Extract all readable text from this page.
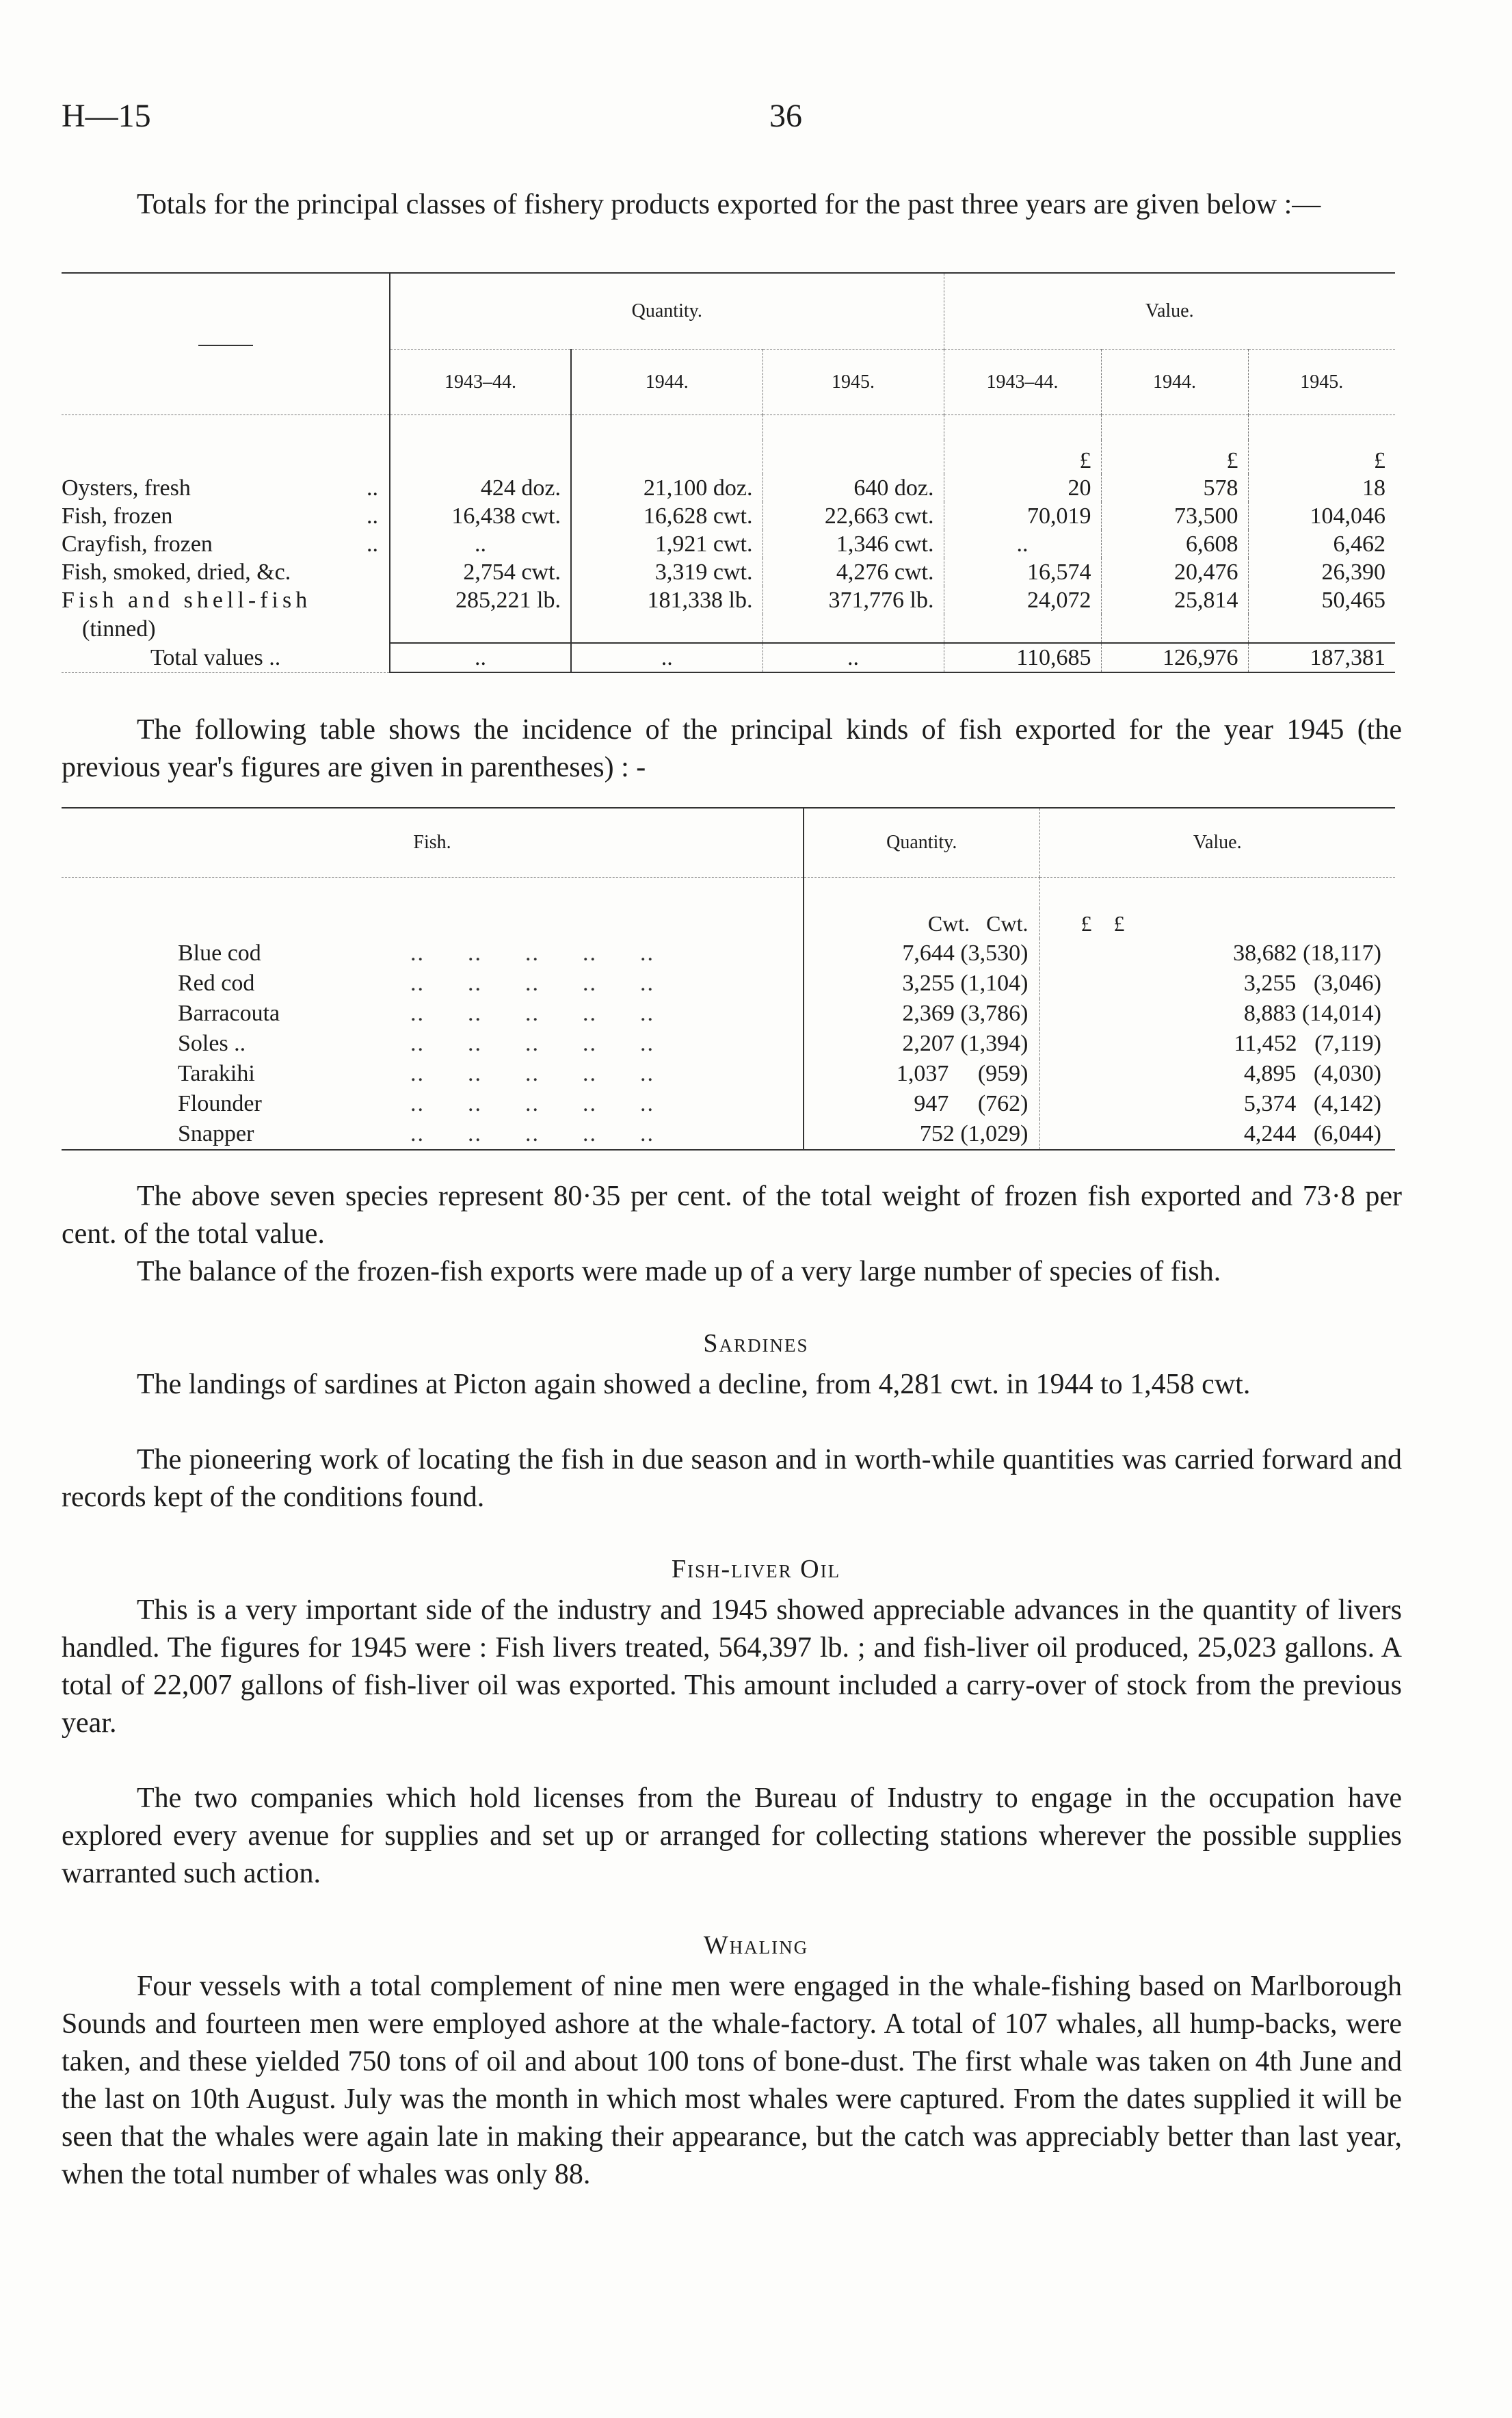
H—15	36

Totals for the principal classes of fishery products exported for the past three years are given below :—

	Quantity.			Value.		
	1943–44.	1944.	1945.	1943–44.	1944.	1945.

				£	£	£
Oysters, fresh ..	424 doz.	21,100 doz.	640 doz.	20	578	18
Fish, frozen ..	16,438 cwt.	16,628 cwt.	22,663 cwt.	70,019	73,500	104,046
Crayfish, frozen ..	..	1,921 cwt.	1,346 cwt.	..	6,608	6,462
Fish, smoked, dried, &c.	2,754 cwt.	3,319 cwt.	4,276 cwt.	16,574	20,476	26,390
Fish and shell-fish	285,221 lb.	181,338 lb.	371,776 lb.	24,072	25,814	50,465
(tinned)						
Total values ..	..	..	..	110,685	126,976	187,381

The following table shows the incidence of the principal kinds of fish exported for the year 1945 (the previous year's figures are given in parentheses) : -

Fish.	Quantity.	Value.

	Cwt.   Cwt.	£    £
Blue cod ..      ..      ..      ..      ..	7,644 (3,530)	38,682 (18,117)
Red cod ..      ..      ..      ..      ..	3,255 (1,104)	3,255   (3,046)
Barracouta ..      ..      ..      ..      ..	2,369 (3,786)	8,883 (14,014)
Soles .. ..      ..      ..      ..      ..	2,207 (1,394)	11,452   (7,119)
Tarakihi ..      ..      ..      ..      ..	1,037     (959)	4,895   (4,030)
Flounder ..      ..      ..      ..      ..	947     (762)	5,374   (4,142)
Snapper ..      ..      ..      ..      ..	752 (1,029)	4,244   (6,044)

The above seven species represent 80·35 per cent. of the total weight of frozen fish exported and 73·8 per cent. of the total value.

The balance of the frozen-fish exports were made up of a very large number of species of fish.

Sardines

The landings of sardines at Picton again showed a decline, from 4,281 cwt. in 1944 to 1,458 cwt.

The pioneering work of locating the fish in due season and in worth-while quantities was carried forward and records kept of the conditions found.

Fish-liver Oil

This is a very important side of the industry and 1945 showed appreciable advances in the quantity of livers handled. The figures for 1945 were : Fish livers treated, 564,397 lb. ; and fish-liver oil produced, 25,023 gallons. A total of 22,007 gallons of fish-liver oil was exported. This amount included a carry-over of stock from the previous year.

The two companies which hold licenses from the Bureau of Industry to engage in the occupation have explored every avenue for supplies and set up or arranged for collecting stations wherever the possible supplies warranted such action.

Whaling

Four vessels with a total complement of nine men were engaged in the whale-fishing based on Marlborough Sounds and fourteen men were employed ashore at the whale-factory. A total of 107 whales, all hump-backs, were taken, and these yielded 750 tons of oil and about 100 tons of bone-dust. The first whale was taken on 4th June and the last on 10th August. July was the month in which most whales were captured. From the dates supplied it will be seen that the whales were again late in making their appearance, but the catch was appreciably better than last year, when the total number of whales was only 88.
